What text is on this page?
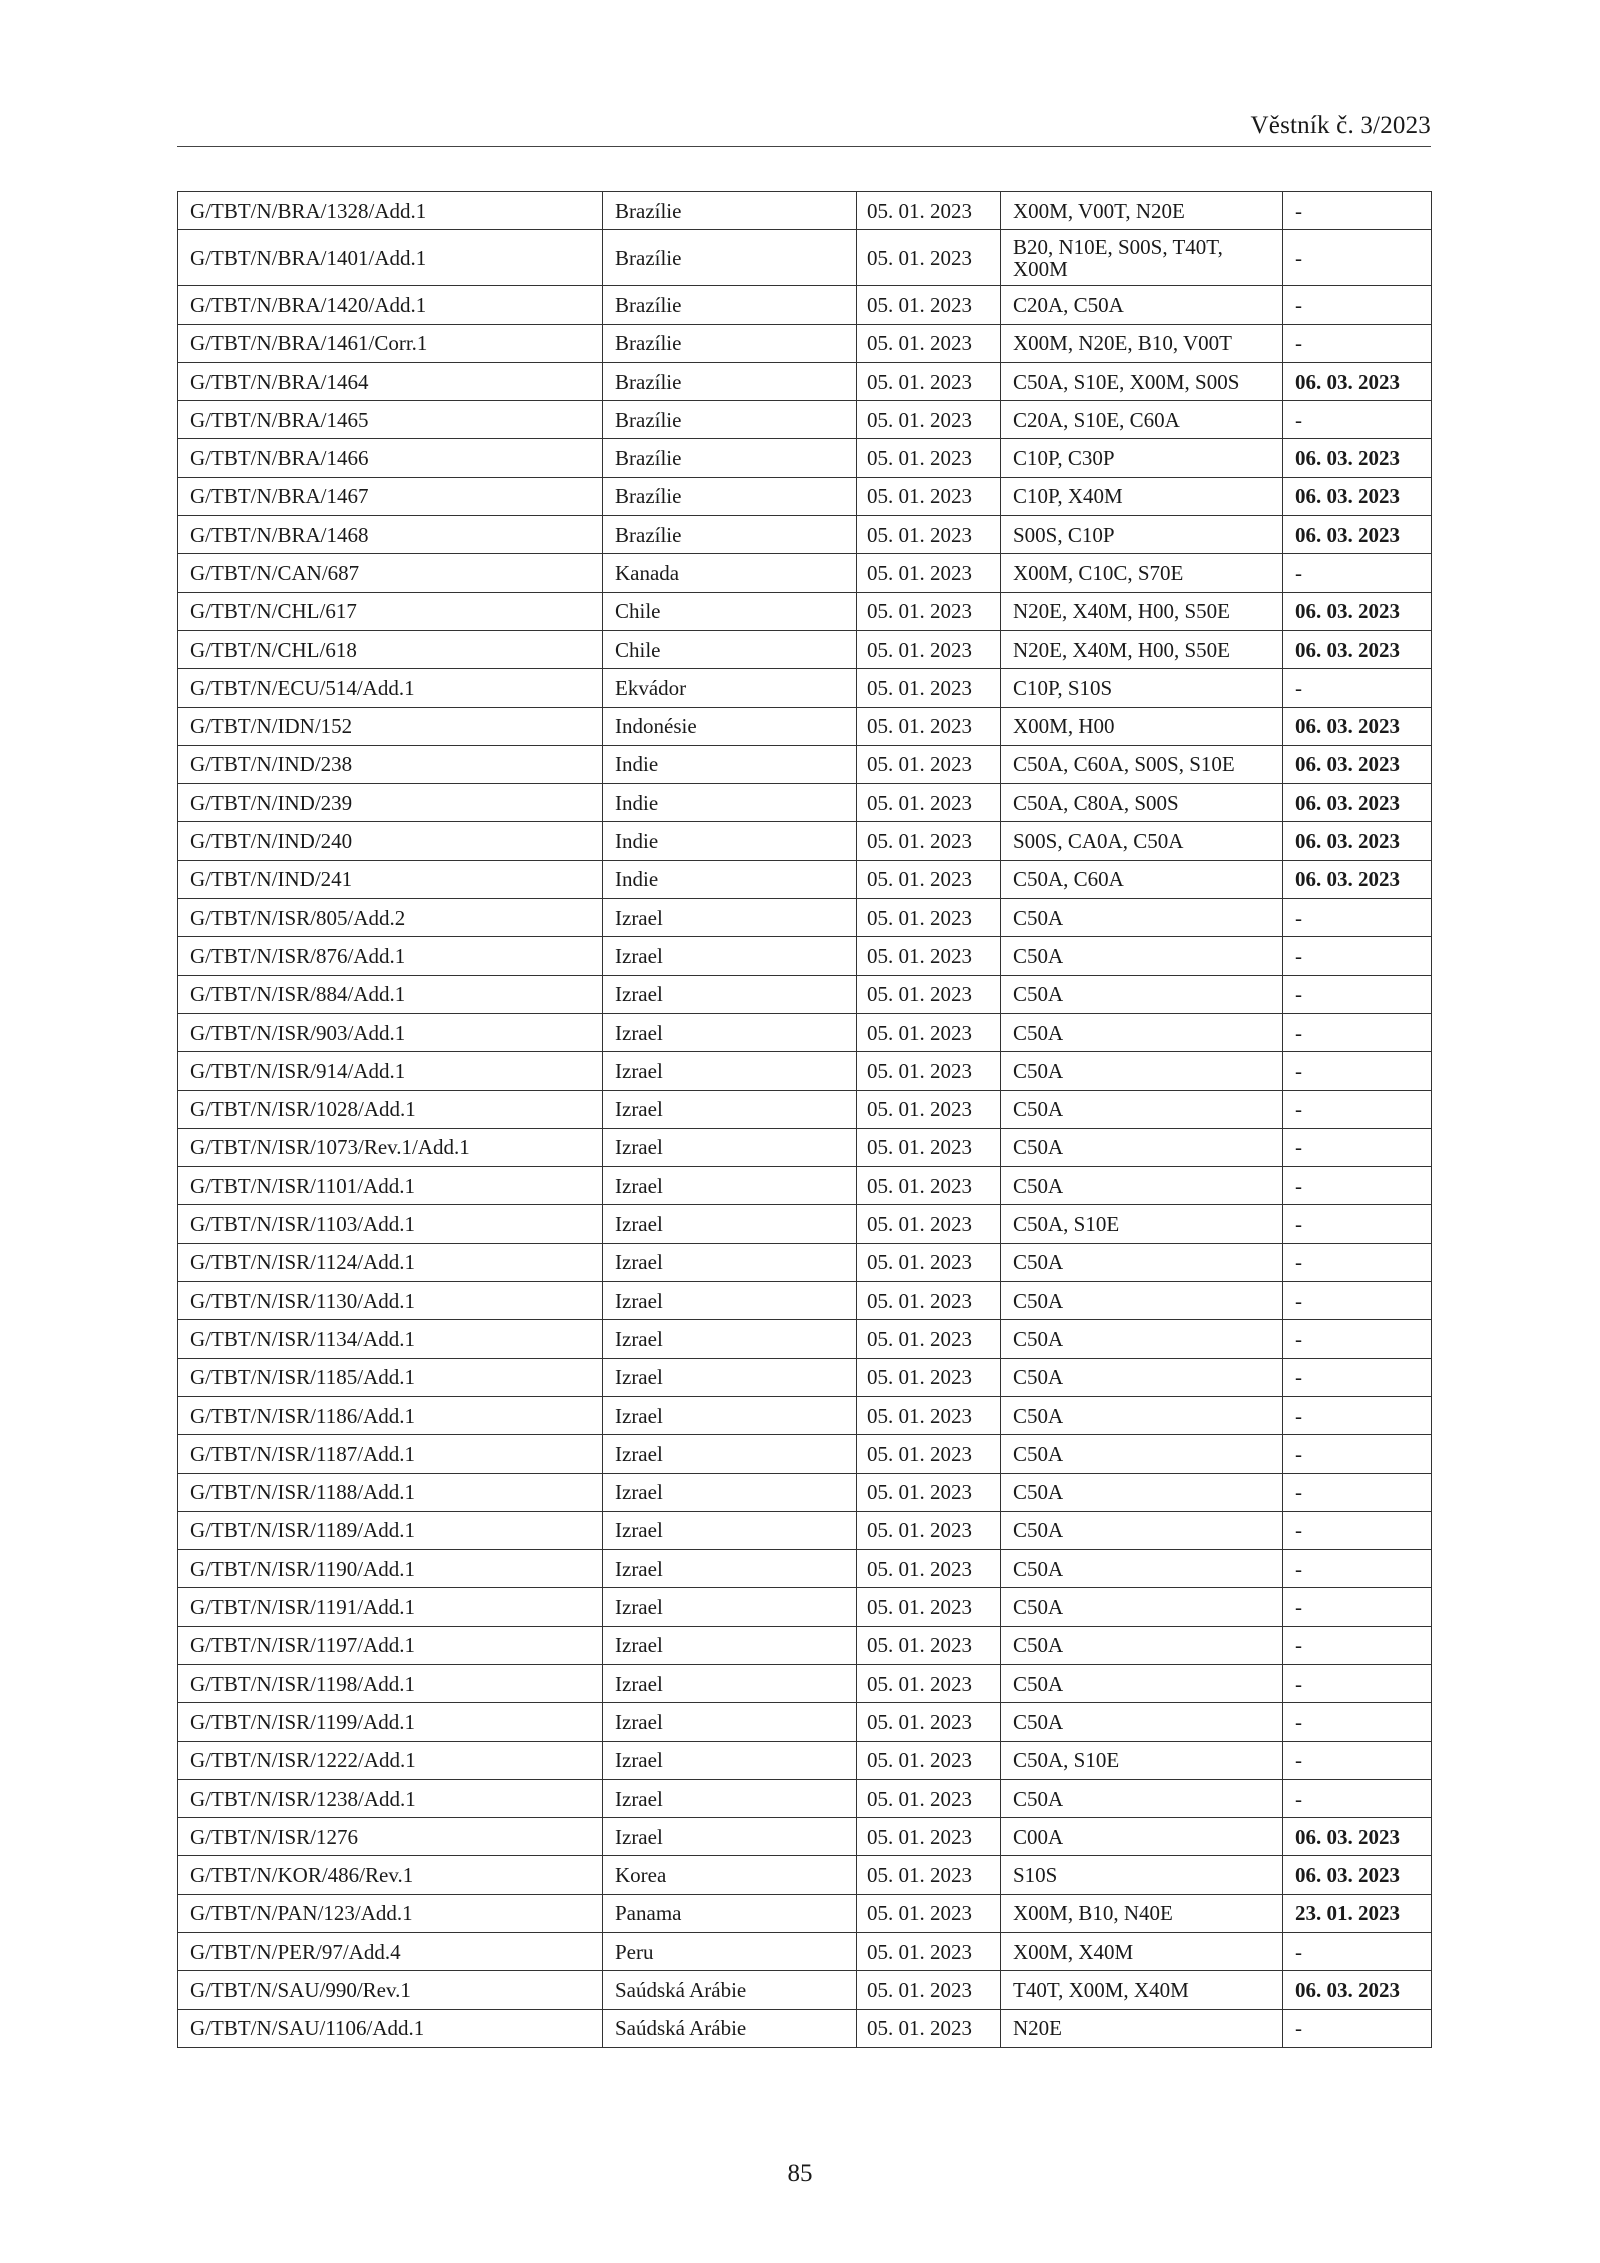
Věstník č. 3/2023
G/TBT/N/BRA/1328/Add.1	Brazílie	05. 01. 2023	X00M, V00T, N20E	-
G/TBT/N/BRA/1401/Add.1	Brazílie	05. 01. 2023	B20, N10E, S00S, T40T, X00M	-
G/TBT/N/BRA/1420/Add.1	Brazílie	05. 01. 2023	C20A, C50A	-
G/TBT/N/BRA/1461/Corr.1	Brazílie	05. 01. 2023	X00M, N20E, B10, V00T	-
G/TBT/N/BRA/1464	Brazílie	05. 01. 2023	C50A, S10E, X00M, S00S	06. 03. 2023
G/TBT/N/BRA/1465	Brazílie	05. 01. 2023	C20A, S10E, C60A	-
G/TBT/N/BRA/1466	Brazílie	05. 01. 2023	C10P, C30P	06. 03. 2023
G/TBT/N/BRA/1467	Brazílie	05. 01. 2023	C10P, X40M	06. 03. 2023
G/TBT/N/BRA/1468	Brazílie	05. 01. 2023	S00S, C10P	06. 03. 2023
G/TBT/N/CAN/687	Kanada	05. 01. 2023	X00M, C10C, S70E	-
G/TBT/N/CHL/617	Chile	05. 01. 2023	N20E, X40M, H00, S50E	06. 03. 2023
G/TBT/N/CHL/618	Chile	05. 01. 2023	N20E, X40M, H00, S50E	06. 03. 2023
G/TBT/N/ECU/514/Add.1	Ekvádor	05. 01. 2023	C10P, S10S	-
G/TBT/N/IDN/152	Indonésie	05. 01. 2023	X00M, H00	06. 03. 2023
G/TBT/N/IND/238	Indie	05. 01. 2023	C50A, C60A, S00S, S10E	06. 03. 2023
G/TBT/N/IND/239	Indie	05. 01. 2023	C50A, C80A, S00S	06. 03. 2023
G/TBT/N/IND/240	Indie	05. 01. 2023	S00S, CA0A, C50A	06. 03. 2023
G/TBT/N/IND/241	Indie	05. 01. 2023	C50A, C60A	06. 03. 2023
G/TBT/N/ISR/805/Add.2	Izrael	05. 01. 2023	C50A	-
G/TBT/N/ISR/876/Add.1	Izrael	05. 01. 2023	C50A	-
G/TBT/N/ISR/884/Add.1	Izrael	05. 01. 2023	C50A	-
G/TBT/N/ISR/903/Add.1	Izrael	05. 01. 2023	C50A	-
G/TBT/N/ISR/914/Add.1	Izrael	05. 01. 2023	C50A	-
G/TBT/N/ISR/1028/Add.1	Izrael	05. 01. 2023	C50A	-
G/TBT/N/ISR/1073/Rev.1/Add.1	Izrael	05. 01. 2023	C50A	-
G/TBT/N/ISR/1101/Add.1	Izrael	05. 01. 2023	C50A	-
G/TBT/N/ISR/1103/Add.1	Izrael	05. 01. 2023	C50A, S10E	-
G/TBT/N/ISR/1124/Add.1	Izrael	05. 01. 2023	C50A	-
G/TBT/N/ISR/1130/Add.1	Izrael	05. 01. 2023	C50A	-
G/TBT/N/ISR/1134/Add.1	Izrael	05. 01. 2023	C50A	-
G/TBT/N/ISR/1185/Add.1	Izrael	05. 01. 2023	C50A	-
G/TBT/N/ISR/1186/Add.1	Izrael	05. 01. 2023	C50A	-
G/TBT/N/ISR/1187/Add.1	Izrael	05. 01. 2023	C50A	-
G/TBT/N/ISR/1188/Add.1	Izrael	05. 01. 2023	C50A	-
G/TBT/N/ISR/1189/Add.1	Izrael	05. 01. 2023	C50A	-
G/TBT/N/ISR/1190/Add.1	Izrael	05. 01. 2023	C50A	-
G/TBT/N/ISR/1191/Add.1	Izrael	05. 01. 2023	C50A	-
G/TBT/N/ISR/1197/Add.1	Izrael	05. 01. 2023	C50A	-
G/TBT/N/ISR/1198/Add.1	Izrael	05. 01. 2023	C50A	-
G/TBT/N/ISR/1199/Add.1	Izrael	05. 01. 2023	C50A	-
G/TBT/N/ISR/1222/Add.1	Izrael	05. 01. 2023	C50A, S10E	-
G/TBT/N/ISR/1238/Add.1	Izrael	05. 01. 2023	C50A	-
G/TBT/N/ISR/1276	Izrael	05. 01. 2023	C00A	06. 03. 2023
G/TBT/N/KOR/486/Rev.1	Korea	05. 01. 2023	S10S	06. 03. 2023
G/TBT/N/PAN/123/Add.1	Panama	05. 01. 2023	X00M, B10, N40E	23. 01. 2023
G/TBT/N/PER/97/Add.4	Peru	05. 01. 2023	X00M, X40M	-
G/TBT/N/SAU/990/Rev.1	Saúdská Arábie	05. 01. 2023	T40T, X00M, X40M	06. 03. 2023
G/TBT/N/SAU/1106/Add.1	Saúdská Arábie	05. 01. 2023	N20E	-
85
